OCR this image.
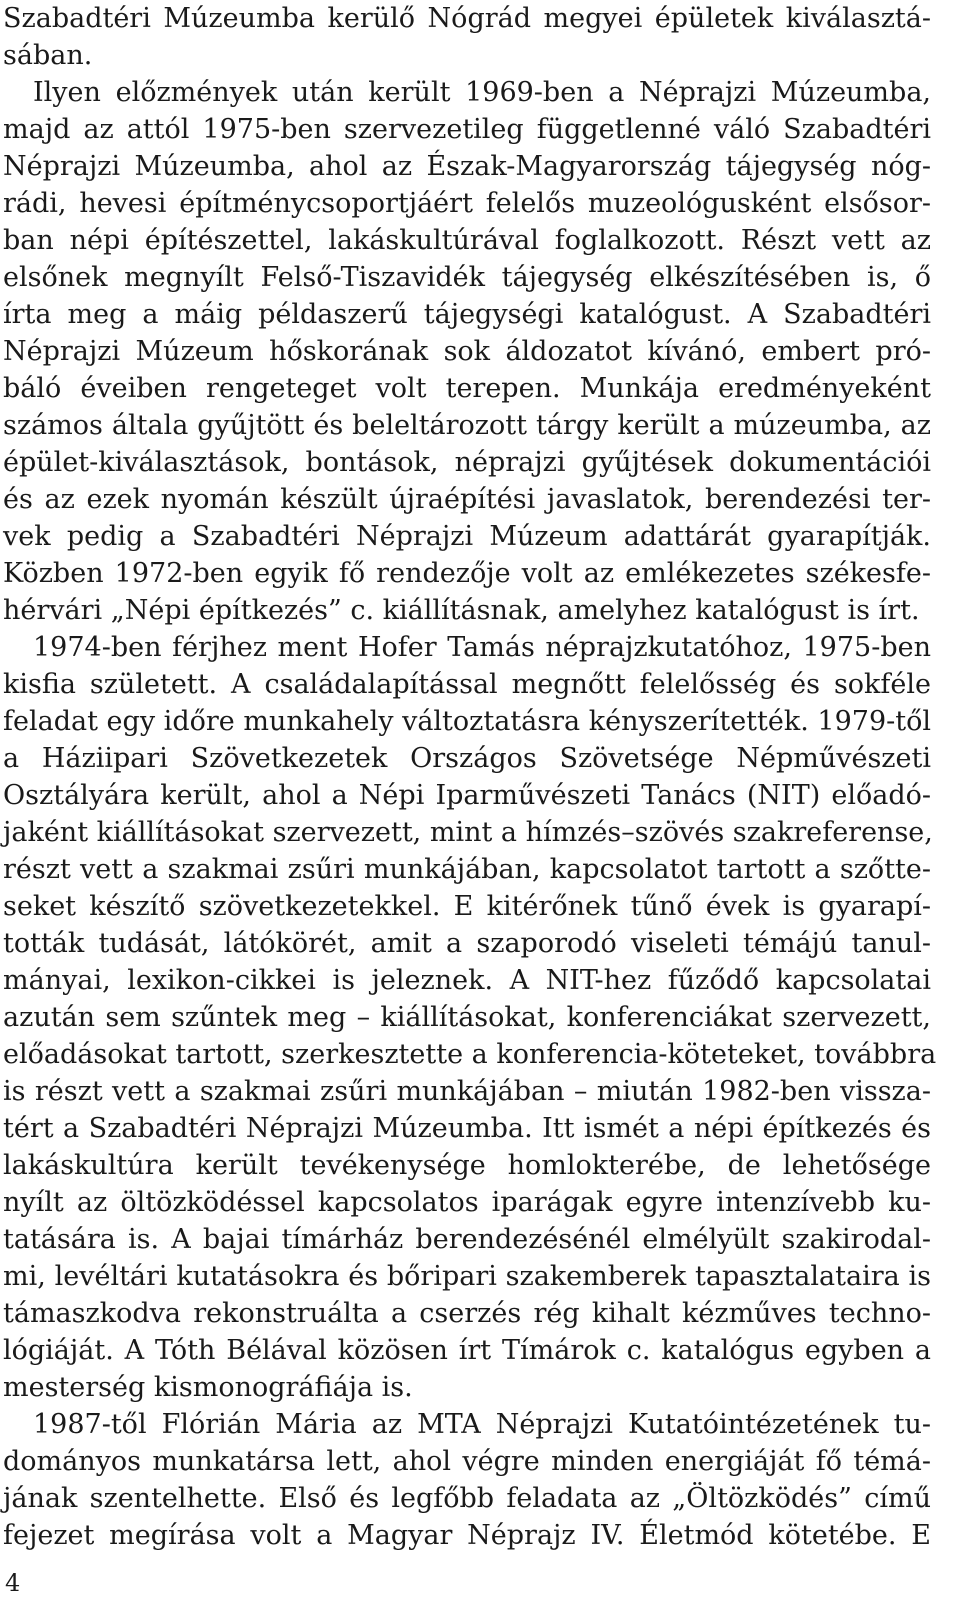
Szabadtéri Múzeumba kerülő Nógrád megyei épületek kiválasztá-
sában.
Ilyen előzmények után került 1969-ben a Néprajzi Múzeumba,
majd az attól 1975-ben szervezetileg függetlenné váló Szabadtéri
Néprajzi Múzeumba, ahol az Észak-Magyarország tájegység nóg-
rádi, hevesi építménycsoportjáért felelős muzeológusként elsősor-
ban népi építészettel, lakáskultúrával foglalkozott. Részt vett az
elsőnek megnyílt Felső-Tiszavidék tájegység elkészítésében is, ő
írta meg a máig példaszerű tájegységi katalógust. A Szabadtéri
Néprajzi Múzeum hőskorának sok áldozatot kívánó, embert pró-
báló éveiben rengeteget volt terepen. Munkája eredményeként
számos általa gyűjtött és beleltározott tárgy került a múzeumba, az
épület-kiválasztások, bontások, néprajzi gyűjtések dokumentációi
és az ezek nyomán készült újraépítési javaslatok, berendezési ter-
vek pedig a Szabadtéri Néprajzi Múzeum adattárát gyarapítják.
Közben 1972-ben egyik fő rendezője volt az emlékezetes székesfe-
hérvári „Népi építkezés” c. kiállításnak, amelyhez katalógust is írt.
1974-ben férjhez ment Hofer Tamás néprajzkutatóhoz, 1975-ben
kisfia született. A családalapítással megnőtt felelősség és sokféle
feladat egy időre munkahely változtatásra kényszerítették. 1979-től
a Háziipari Szövetkezetek Országos Szövetsége Népművészeti
Osztályára került, ahol a Népi Iparművészeti Tanács (NIT) előadó-
jaként kiállításokat szervezett, mint a hímzés–szövés szakreferense,
részt vett a szakmai zsűri munkájában, kapcsolatot tartott a szőtte-
seket készítő szövetkezetekkel. E kitérőnek tűnő évek is gyarapí-
tották tudását, látókörét, amit a szaporodó viseleti témájú tanul-
mányai, lexikon-cikkei is jeleznek. A NIT-hez fűződő kapcsolatai
azután sem szűntek meg – kiállításokat, konferenciákat szervezett,
előadásokat tartott, szerkesztette a konferencia-köteteket, továbbra
is részt vett a szakmai zsűri munkájában – miután 1982-ben vissza-
tért a Szabadtéri Néprajzi Múzeumba. Itt ismét a népi építkezés és
lakáskultúra került tevékenysége homlokterébe, de lehetősége
nyílt az öltözködéssel kapcsolatos iparágak egyre intenzívebb ku-
tatására is. A bajai tímárház berendezésénél elmélyült szakirodal-
mi, levéltári kutatásokra és bőripari szakemberek tapasztalataira is
támaszkodva rekonstruálta a cserzés rég kihalt kézműves techno-
lógiáját. A Tóth Bélával közösen írt Tímárok c. katalógus egyben a
mesterség kismonográfiája is.
1987-től Flórián Mária az MTA Néprajzi Kutatóintézetének tu-
dományos munkatársa lett, ahol végre minden energiáját fő témá-
jának szentelhette. Első és legfőbb feladata az „Öltözködés” című
fejezet megírása volt a Magyar Néprajz IV. Életmód kötetébe. E
4
